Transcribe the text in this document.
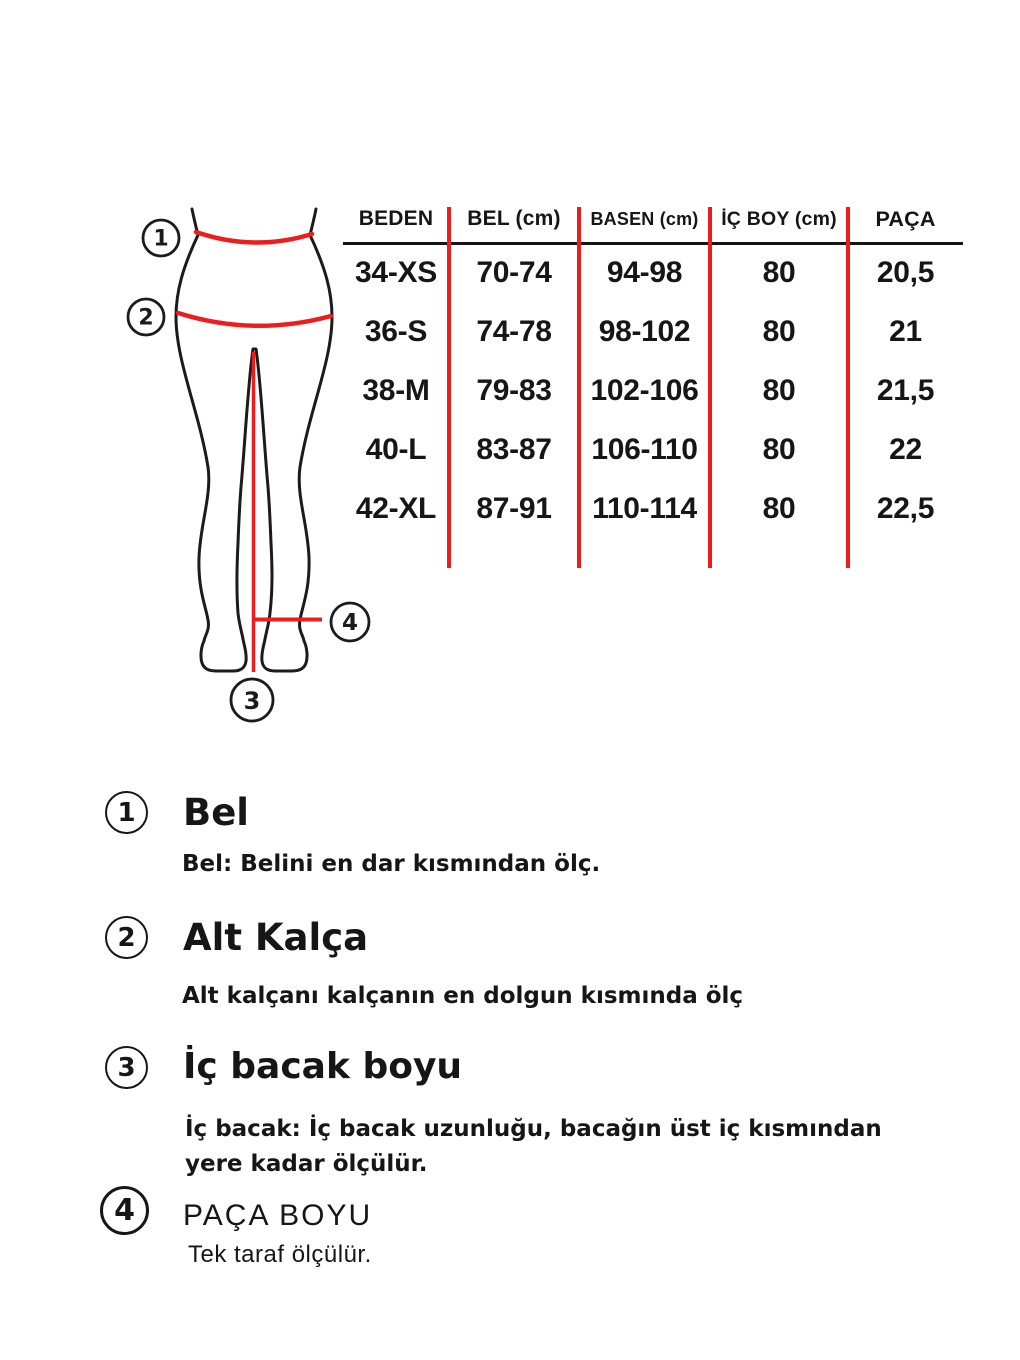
1
2
3
4
BEDEN	BEL (cm)	BASEN (cm)	İÇ BOY (cm)	PAÇA
34-XS	70-74	94-98	80	20,5
36-S	74-78	98-102	80	21
38-M	79-83	102-106	80	21,5
40-L	83-87	106-110	80	22
42-XL	87-91	110-114	80	22,5
1	Bel
Bel: Belini en dar kısmından ölç.
2	Alt Kalça
Alt kalçanı kalçanın en dolgun kısmında ölç
3	İç bacak boyu
İç bacak: İç bacak uzunluğu, bacağın üst iç kısmından yere kadar ölçülür.
4	PAÇA BOYU
Tek taraf ölçülür.
